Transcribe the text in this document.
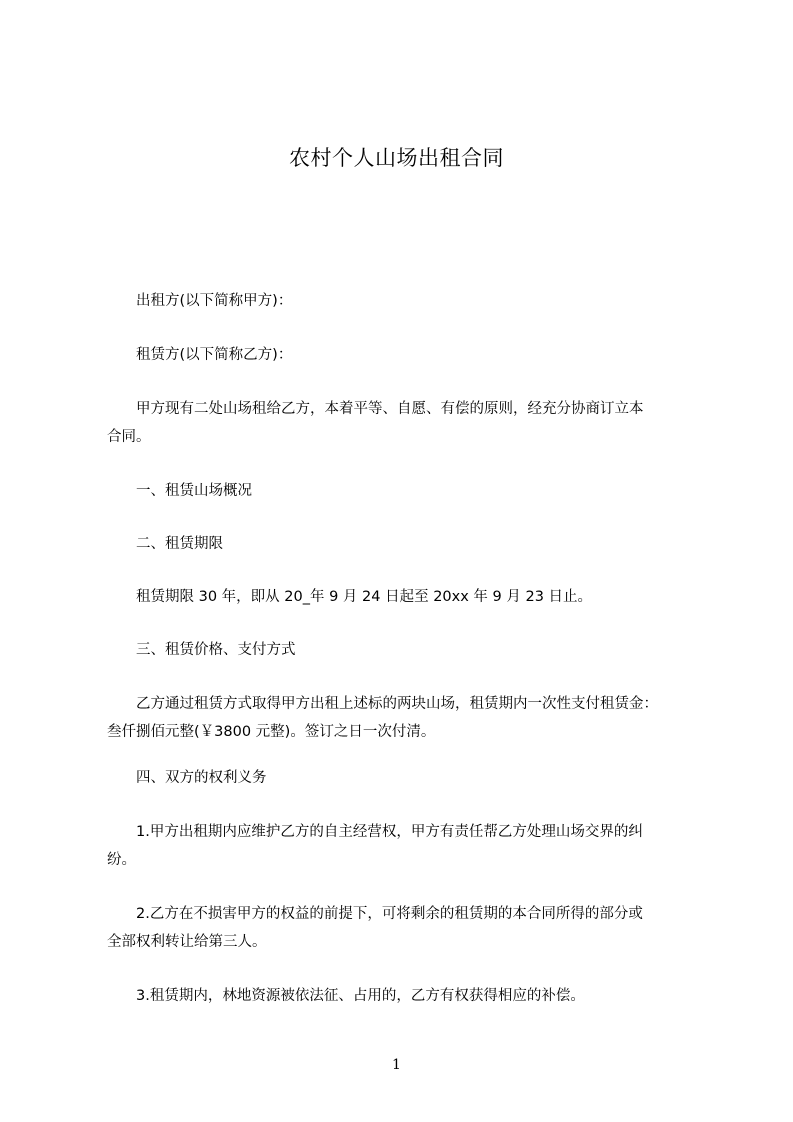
农村个人山场出租合同
出租方(以下简称甲方)：
租赁方(以下简称乙方)：
甲方现有二处山场租给乙方，本着平等、自愿、有偿的原则，经充分协商订立本
合同。
一、租赁山场概况
二、租赁期限
租赁期限 30 年，即从 20_年 9 月 24 日起至 20xx 年 9 月 23 日止。
三、租赁价格、支付方式
乙方通过租赁方式取得甲方出租上述标的两块山场，租赁期内一次性支付租赁金：
叁仟捌佰元整(￥3800 元整)。签订之日一次付清。
四、双方的权利义务
1.甲方出租期内应维护乙方的自主经营权，甲方有责任帮乙方处理山场交界的纠
纷。
2.乙方在不损害甲方的权益的前提下，可将剩余的租赁期的本合同所得的部分或
全部权利转让给第三人。
3.租赁期内，林地资源被依法征、占用的，乙方有权获得相应的补偿。
1
